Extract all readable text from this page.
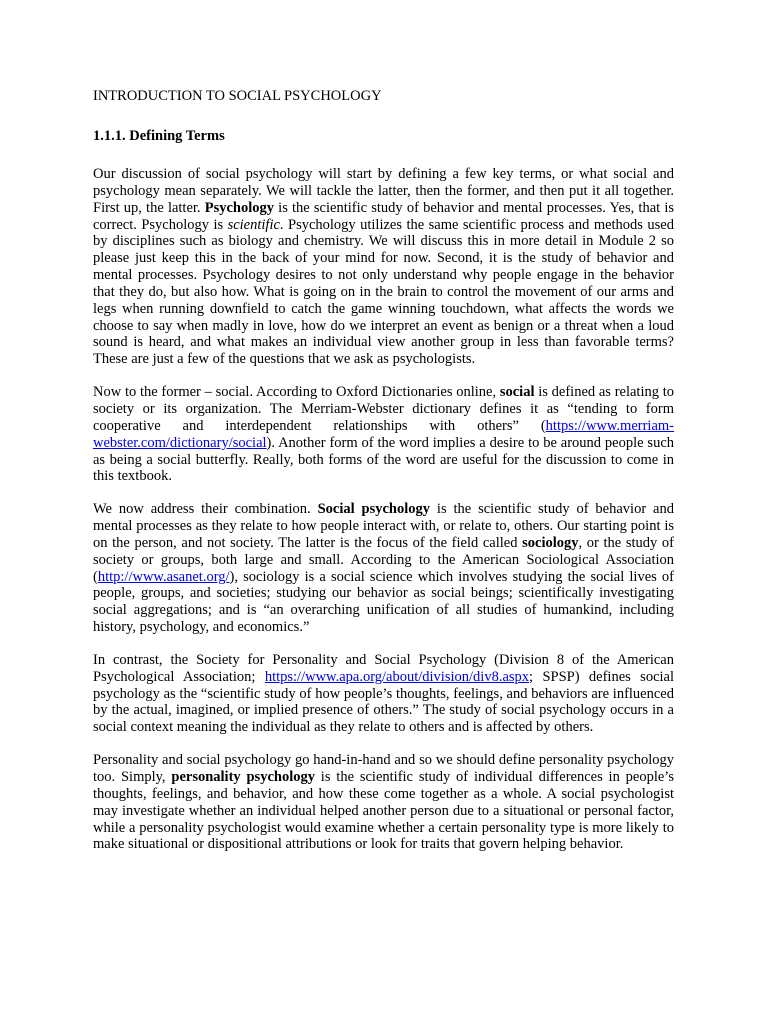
INTRODUCTION TO SOCIAL PSYCHOLOGY
1.1.1. Defining Terms

Our discussion of social psychology will start by defining a few key terms, or what social and psychology mean separately. We will tackle the latter, then the former, and then put it all together. First up, the latter. Psychology is the scientific study of behavior and mental processes. Yes, that is correct. Psychology is scientific. Psychology utilizes the same scientific process and methods used by disciplines such as biology and chemistry. We will discuss this in more detail in Module 2 so please just keep this in the back of your mind for now. Second, it is the study of behavior and mental processes. Psychology desires to not only understand why people engage in the behavior that they do, but also how. What is going on in the brain to control the movement of our arms and legs when running downfield to catch the game winning touchdown, what affects the words we choose to say when madly in love, how do we interpret an event as benign or a threat when a loud sound is heard, and what makes an individual view another group in less than favorable terms? These are just a few of the questions that we ask as psychologists.

Now to the former – social. According to Oxford Dictionaries online, social is defined as relating to society or its organization. The Merriam-Webster dictionary defines it as “tending to form cooperative and interdependent relationships with others” (https://www.merriam-webster.com/dictionary/social). Another form of the word implies a desire to be around people such as being a social butterfly. Really, both forms of the word are useful for the discussion to come in this textbook.

We now address their combination. Social psychology is the scientific study of behavior and mental processes as they relate to how people interact with, or relate to, others. Our starting point is on the person, and not society. The latter is the focus of the field called sociology, or the study of society or groups, both large and small. According to the American Sociological Association (http://www.asanet.org/), sociology is a social science which involves studying the social lives of people, groups, and societies; studying our behavior as social beings; scientifically investigating social aggregations; and is “an overarching unification of all studies of humankind, including history, psychology, and economics.”

In contrast, the Society for Personality and Social Psychology (Division 8 of the American Psychological Association; https://www.apa.org/about/division/div8.aspx; SPSP) defines social psychology as the “scientific study of how people’s thoughts, feelings, and behaviors are influenced by the actual, imagined, or implied presence of others.” The study of social psychology occurs in a social context meaning the individual as they relate to others and is affected by others.

Personality and social psychology go hand-in-hand and so we should define personality psychology too. Simply, personality psychology is the scientific study of individual differences in people’s thoughts, feelings, and behavior, and how these come together as a whole. A social psychologist may investigate whether an individual helped another person due to a situational or personal factor, while a personality psychologist would examine whether a certain personality type is more likely to make situational or dispositional attributions or look for traits that govern helping behavior.
